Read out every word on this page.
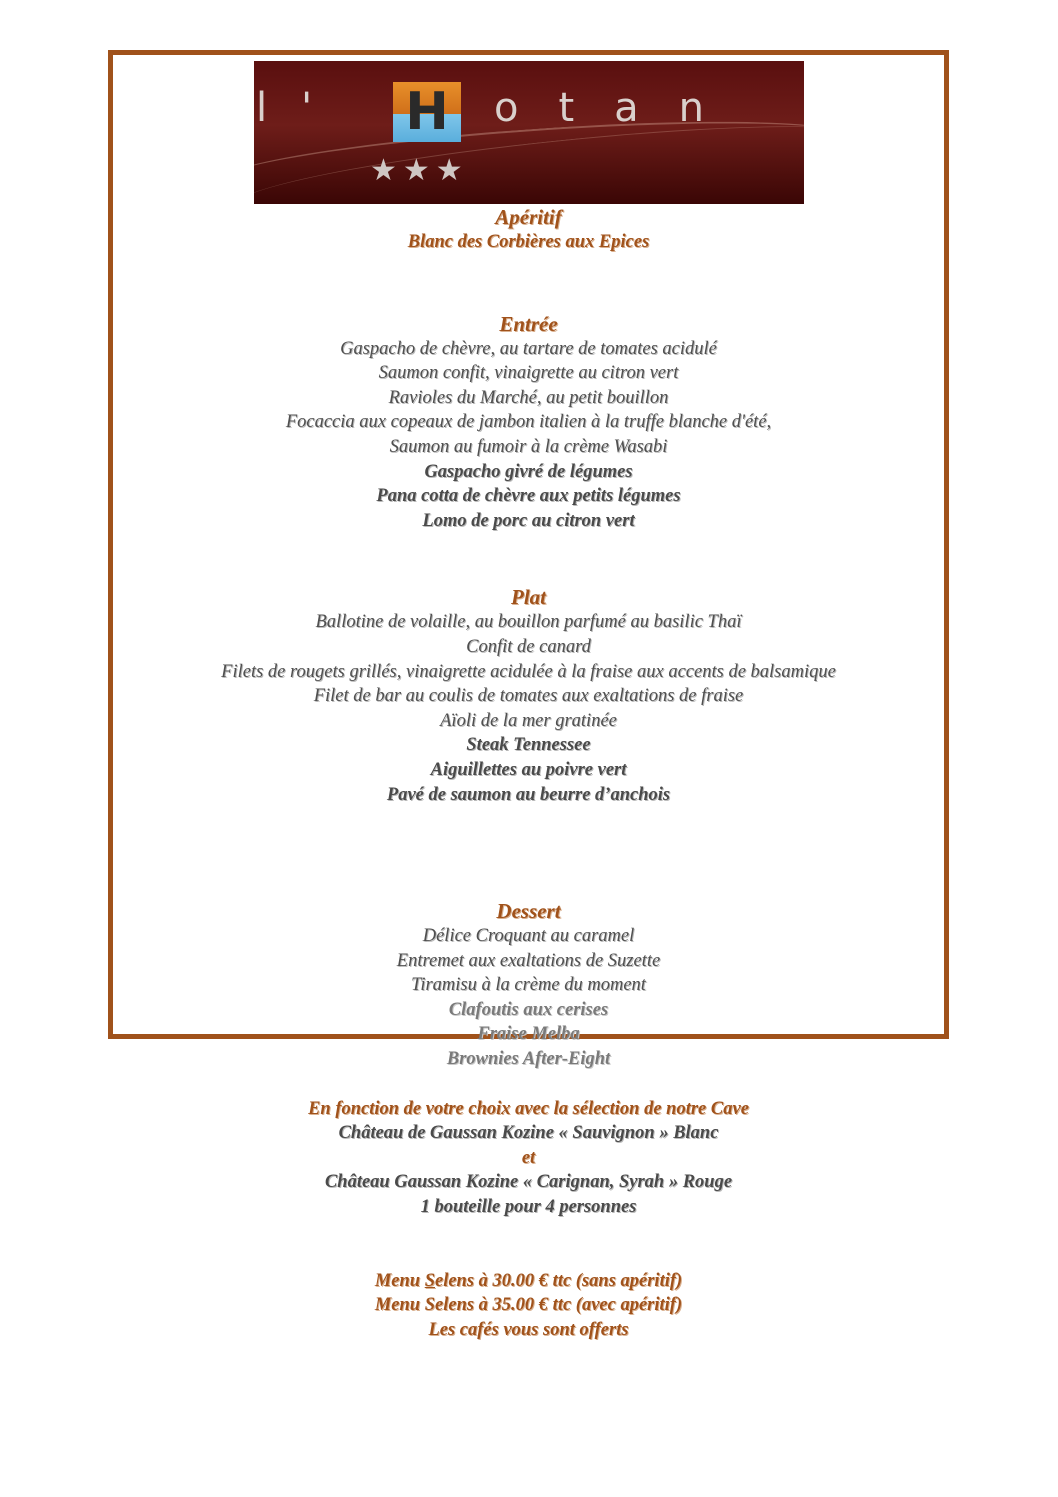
l' H	otan
★★★
Apéritif
Blanc des Corbières aux Epices
Entrée
Gaspacho de chèvre, au tartare de tomates acidulé
Saumon confit, vinaigrette au citron vert
Ravioles du Marché, au petit bouillon
Focaccia aux copeaux de jambon italien à la truffe blanche d'été,
Saumon au fumoir à la crème Wasabi
Gaspacho givré de légumes
Pana cotta de chèvre aux petits légumes
Lomo de porc au citron vert
Plat
Ballotine de volaille, au bouillon parfumé au basilic Thaï
Confit de canard
Filets de rougets grillés, vinaigrette acidulée à la fraise aux accents de balsamique
Filet de bar au coulis de tomates aux exaltations de fraise
Aïoli de la mer gratinée
Steak Tennessee
Aiguillettes au poivre vert
Pavé de saumon au beurre d’anchois
Dessert
Délice Croquant au caramel
Entremet aux exaltations de Suzette
Tiramisu à la crème du moment
Clafoutis aux cerises
Fraise Melba
Brownies After-Eight
En fonction de votre choix avec la sélection de notre Cave
Château de Gaussan Kozine « Sauvignon » Blanc
et
Château Gaussan Kozine « Carignan, Syrah » Rouge
1 bouteille pour 4 personnes
Menu Selens à 30.00 € ttc (sans apéritif)
Menu Selens à 35.00 € ttc (avec apéritif)
Les cafés vous sont offerts
